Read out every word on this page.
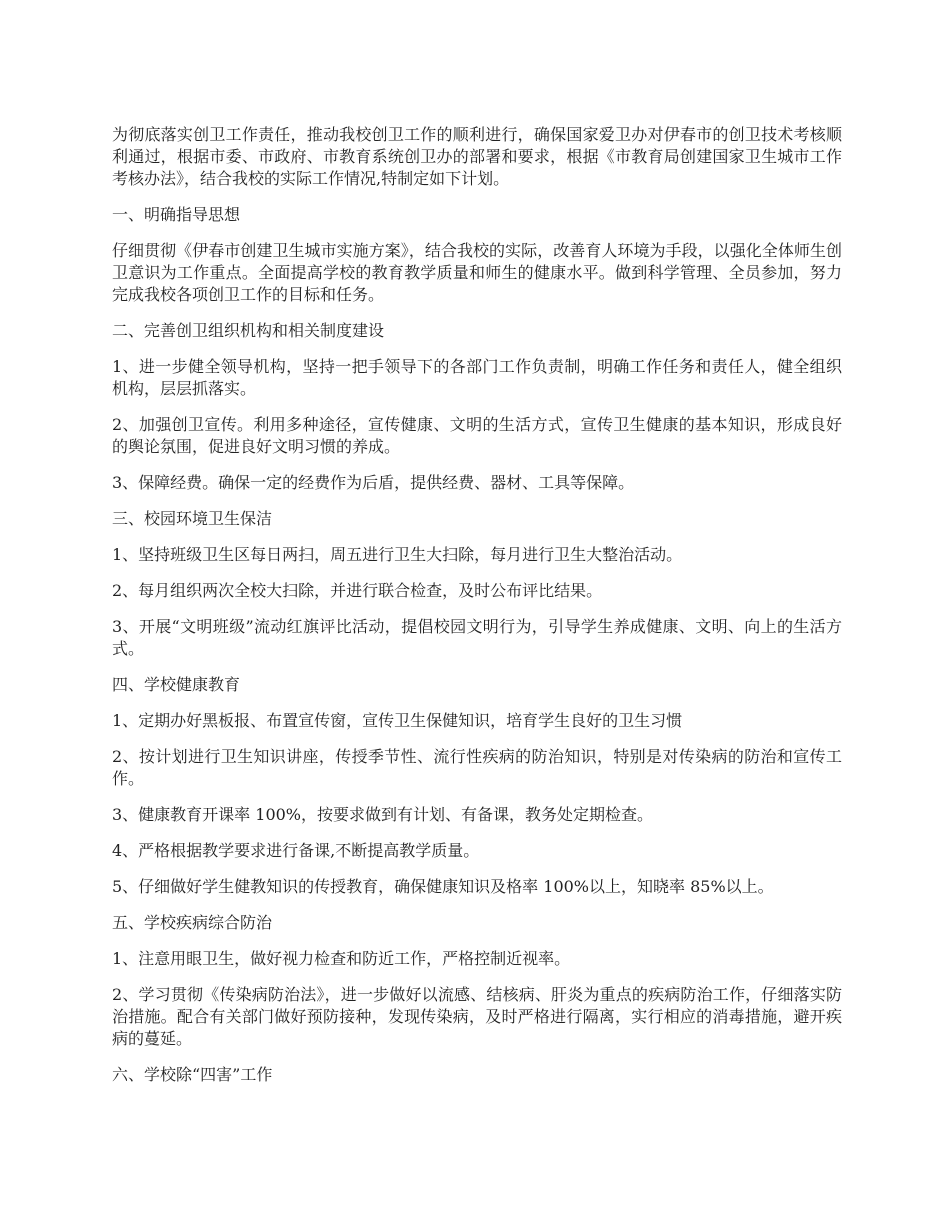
为彻底落实创卫工作责任，推动我校创卫工作的顺利进行，确保国家爱卫办对伊春市的创卫技术考核顺利通过，根据市委、市政府、市教育系统创卫办的部署和要求，根据《市教育局创建国家卫生城市工作考核办法》，结合我校的实际工作情况,特制定如下计划。

一、明确指导思想

仔细贯彻《伊春市创建卫生城市实施方案》，结合我校的实际，改善育人环境为手段，以强化全体师生创卫意识为工作重点。全面提高学校的教育教学质量和师生的健康水平。做到科学管理、全员参加，努力完成我校各项创卫工作的目标和任务。

二、完善创卫组织机构和相关制度建设

1、进一步健全领导机构，坚持一把手领导下的各部门工作负责制，明确工作任务和责任人，健全组织机构，层层抓落实。

2、加强创卫宣传。利用多种途径，宣传健康、文明的生活方式，宣传卫生健康的基本知识，形成良好的舆论氛围，促进良好文明习惯的养成。

3、保障经费。确保一定的经费作为后盾，提供经费、器材、工具等保障。

三、校园环境卫生保洁

1、坚持班级卫生区每日两扫，周五进行卫生大扫除，每月进行卫生大整治活动。

2、每月组织两次全校大扫除，并进行联合检查，及时公布评比结果。

3、开展“文明班级”流动红旗评比活动，提倡校园文明行为，引导学生养成健康、文明、向上的生活方式。

四、学校健康教育

1、定期办好黑板报、布置宣传窗，宣传卫生保健知识，培育学生良好的卫生习惯

2、按计划进行卫生知识讲座，传授季节性、流行性疾病的防治知识，特别是对传染病的防治和宣传工作。

3、健康教育开课率 100%，按要求做到有计划、有备课，教务处定期检查。

4、严格根据教学要求进行备课,不断提高教学质量。

5、仔细做好学生健教知识的传授教育，确保健康知识及格率 100%以上，知晓率 85%以上。

五、学校疾病综合防治

1、注意用眼卫生，做好视力检查和防近工作，严格控制近视率。

2、学习贯彻《传染病防治法》，进一步做好以流感、结核病、肝炎为重点的疾病防治工作，仔细落实防治措施。配合有关部门做好预防接种，发现传染病，及时严格进行隔离，实行相应的消毒措施，避开疾病的蔓延。

六、学校除“四害”工作
